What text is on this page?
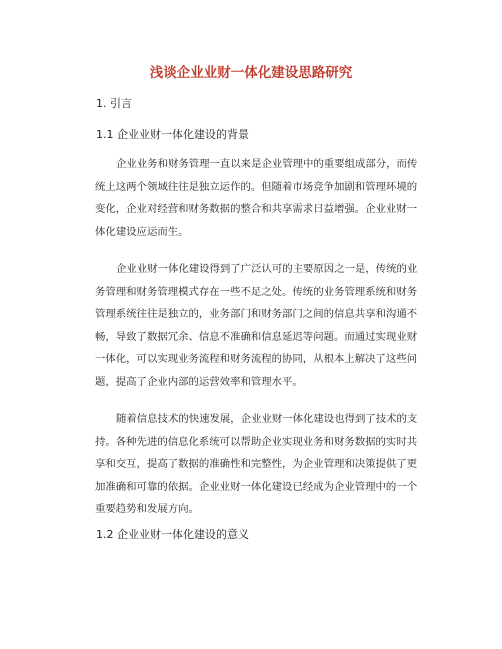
浅谈企业业财一体化建设思路研究
1. 引言
1.1 企业业财一体化建设的背景
企业业务和财务管理一直以来是企业管理中的重要组成部分，而传统上这两个领域往往是独立运作的。但随着市场竞争加剧和管理环境的变化，企业对经营和财务数据的整合和共享需求日益增强。企业业财一体化建设应运而生。
企业业财一体化建设得到了广泛认可的主要原因之一是，传统的业务管理和财务管理模式存在一些不足之处。传统的业务管理系统和财务管理系统往往是独立的，业务部门和财务部门之间的信息共享和沟通不畅，导致了数据冗余、信息不准确和信息延迟等问题。而通过实现业财一体化，可以实现业务流程和财务流程的协同，从根本上解决了这些问题，提高了企业内部的运营效率和管理水平。
随着信息技术的快速发展，企业业财一体化建设也得到了技术的支持。各种先进的信息化系统可以帮助企业实现业务和财务数据的实时共享和交互，提高了数据的准确性和完整性，为企业管理和决策提供了更加准确和可靠的依据。企业业财一体化建设已经成为企业管理中的一个重要趋势和发展方向。
1.2 企业业财一体化建设的意义
